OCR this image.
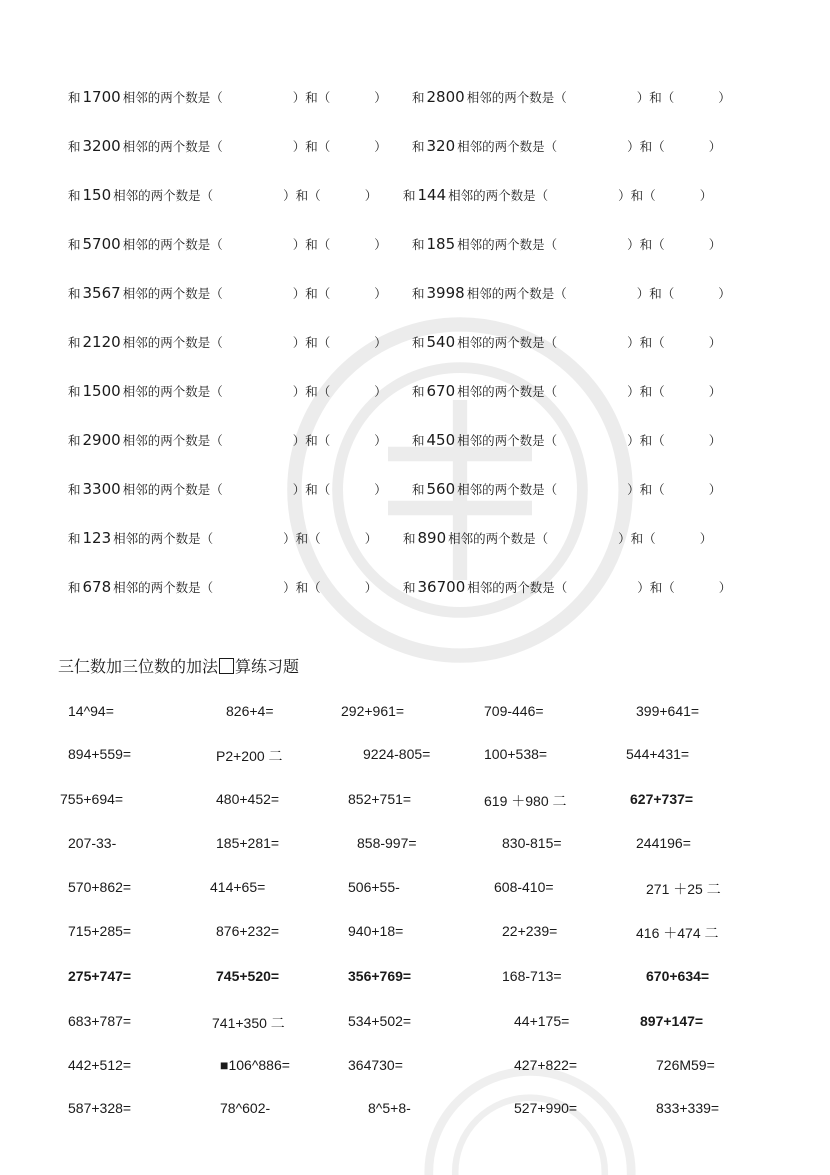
和 1700 相邻的两个数是（	）和（	） 和 2800 相邻的两个数是（	）和（	）
和 3200 相邻的两个数是（	）和（	） 和 320 相邻的两个数是（	）和（	）
和 150 相邻的两个数是（	）和（	） 和 144 相邻的两个数是（	）和（	）
和 5700 相邻的两个数是（	）和（	） 和 185 相邻的两个数是（	）和（	）
和 3567 相邻的两个数是（	）和（	） 和 3998 相邻的两个数是（	）和（	）
和 2120 相邻的两个数是（	）和（	） 和 540 相邻的两个数是（	）和（	）
和 1500 相邻的两个数是（	）和（	） 和 670 相邻的两个数是（	）和（	）
和 2900 相邻的两个数是（	）和（	） 和 450 相邻的两个数是（	）和（	）
和 3300 相邻的两个数是（	）和（	） 和 560 相邻的两个数是（	）和（	）
和 123 相邻的两个数是（	）和（	） 和 890 相邻的两个数是（	）和（	）
和 678 相邻的两个数是（	）和（	） 和 36700 相邻的两个数是（	）和（	）
三仁数加三位数的加法 算练习题
14^94=	826+4=	292+961=	709-446=	399+641=
894+559=	P2+200 二	9224-805=	100+538=	544+431=
755+694=	480+452=	852+751=	619 ＋980 二	627+737=
207-33-	185+281=	858-997=	830-815=	244196=
570+862=	414+65=	506+55-	608-410=	271 ＋25 二
715+285=	876+232=	940+18=	22+239=	416 ＋474 二
275+747=	745+520=	356+769=	168-713=	670+634=
683+787=	741+350 二	534+502=	44+175=	897+147=
442+512=	■106^886=	364730=	427+822=	726M59=
587+328=	78^602-	8^5+8-	527+990=	833+339=
